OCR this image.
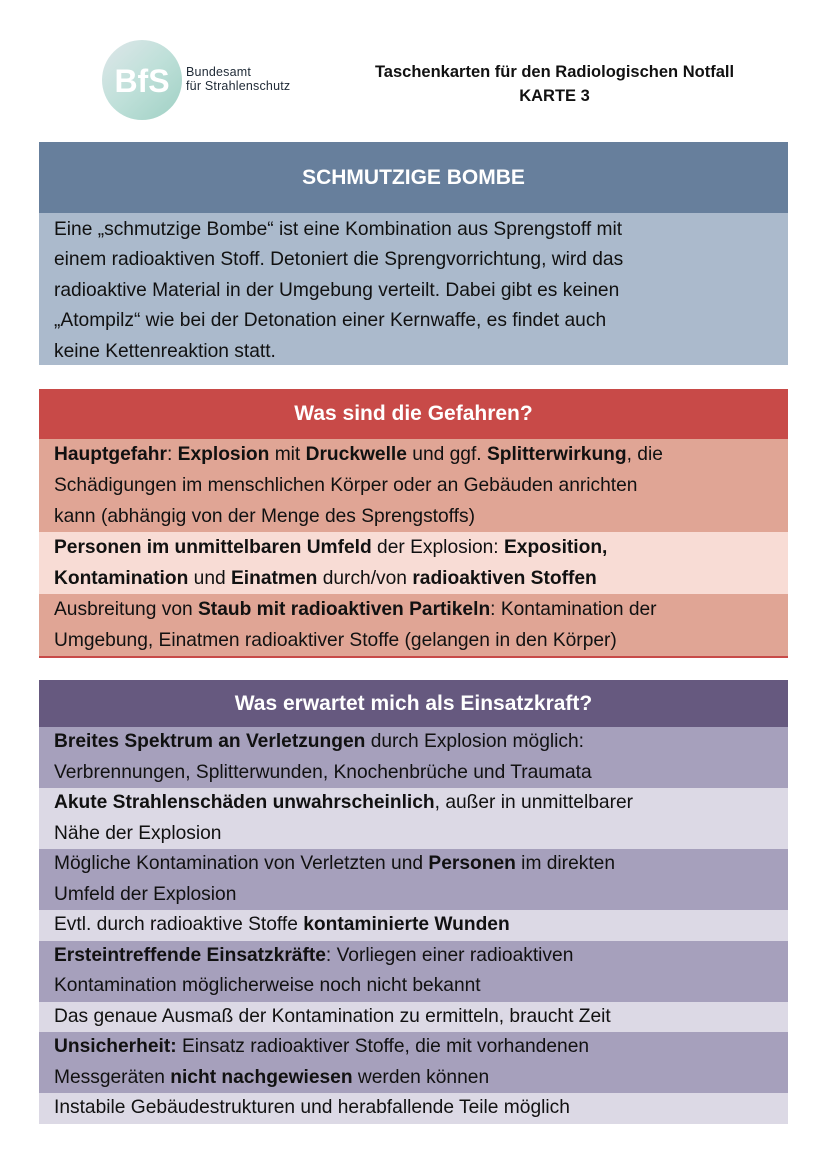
BfS Bundesamt
für Strahlenschutz
Taschenkarten für den Radiologischen Notfall
KARTE 3
SCHMUTZIGE BOMBE
Eine „schmutzige Bombe“ ist eine Kombination aus Sprengstoff mit
einem radioaktiven Stoff. Detoniert die Sprengvorrichtung, wird das
radioaktive Material in der Umgebung verteilt. Dabei gibt es keinen
„Atompilz“ wie bei der Detonation einer Kernwaffe, es findet auch
keine Kettenreaktion statt.
Was sind die Gefahren?
Hauptgefahr: Explosion mit Druckwelle und ggf. Splitterwirkung, die
Schädigungen im menschlichen Körper oder an Gebäuden anrichten
kann (abhängig von der Menge des Sprengstoffs)
Personen im unmittelbaren Umfeld der Explosion: Exposition,
Kontamination und Einatmen durch/von radioaktiven Stoffen
Ausbreitung von Staub mit radioaktiven Partikeln: Kontamination der
Umgebung, Einatmen radioaktiver Stoffe (gelangen in den Körper)
Was erwartet mich als Einsatzkraft?
Breites Spektrum an Verletzungen durch Explosion möglich:
Verbrennungen, Splitterwunden, Knochenbrüche und Traumata
Akute Strahlenschäden unwahrscheinlich, außer in unmittelbarer
Nähe der Explosion
Mögliche Kontamination von Verletzten und Personen im direkten
Umfeld der Explosion
Evtl. durch radioaktive Stoffe kontaminierte Wunden
Ersteintreffende Einsatzkräfte: Vorliegen einer radioaktiven
Kontamination möglicherweise noch nicht bekannt
Das genaue Ausmaß der Kontamination zu ermitteln, braucht Zeit
Unsicherheit: Einsatz radioaktiver Stoffe, die mit vorhandenen
Messgeräten nicht nachgewiesen werden können
Instabile Gebäudestrukturen und herabfallende Teile möglich
